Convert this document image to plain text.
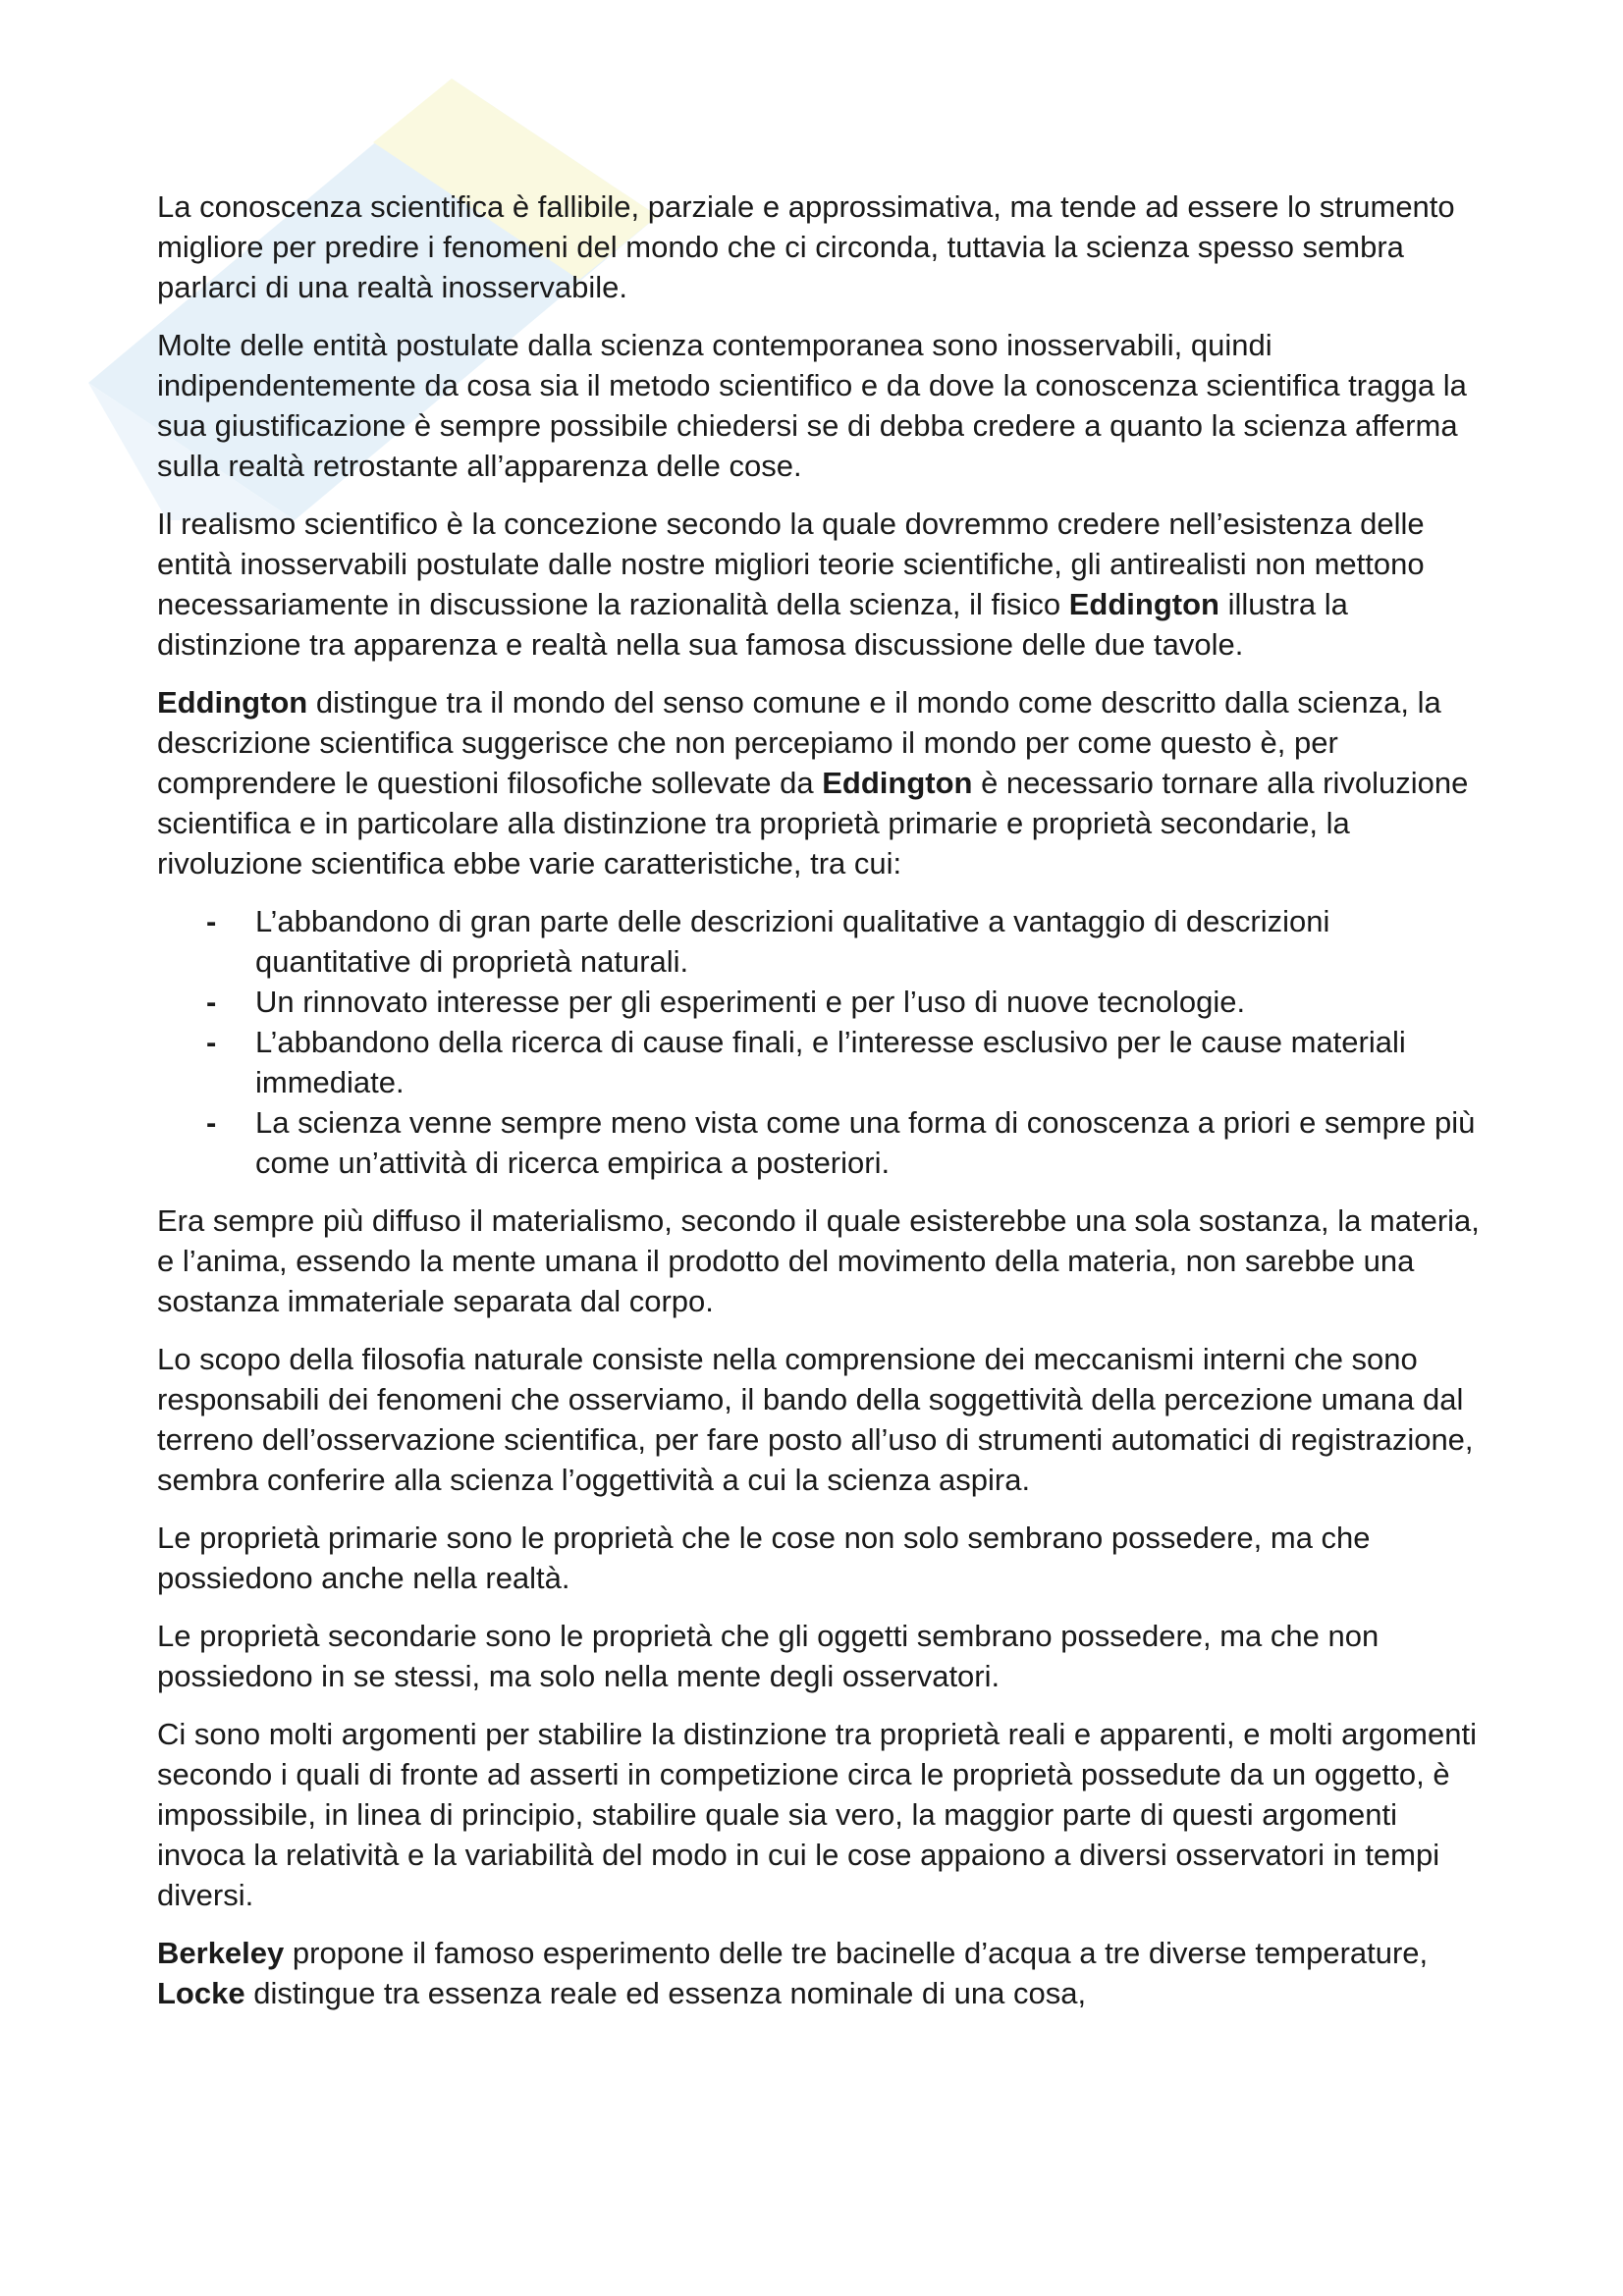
La conoscenza scientifica è fallibile, parziale e approssimativa, ma tende ad essere lo strumento migliore per predire i fenomeni del mondo che ci circonda, tuttavia la scienza spesso sembra parlarci di una realtà inosservabile.

Molte delle entità postulate dalla scienza contemporanea sono inosservabili, quindi indipendentemente da cosa sia il metodo scientifico e da dove la conoscenza scientifica tragga la sua giustificazione è sempre possibile chiedersi se di debba credere a quanto la scienza afferma sulla realtà retrostante all’apparenza delle cose.

Il realismo scientifico è la concezione secondo la quale dovremmo credere nell’esistenza delle entità inosservabili postulate dalle nostre migliori teorie scientifiche, gli antirealisti non mettono necessariamente in discussione la razionalità della scienza, il fisico Eddington illustra la distinzione tra apparenza e realtà nella sua famosa discussione delle due tavole.

Eddington distingue tra il mondo del senso comune e il mondo come descritto dalla scienza, la descrizione scientifica suggerisce che non percepiamo il mondo per come questo è, per comprendere le questioni filosofiche sollevate da Eddington è necessario tornare alla rivoluzione scientifica e in particolare alla distinzione tra proprietà primarie e proprietà secondarie, la rivoluzione scientifica ebbe varie caratteristiche, tra cui:

- L’abbandono di gran parte delle descrizioni qualitative a vantaggio di descrizioni quantitative di proprietà naturali.
- Un rinnovato interesse per gli esperimenti e per l’uso di nuove tecnologie.
- L’abbandono della ricerca di cause finali, e l’interesse esclusivo per le cause materiali immediate.
- La scienza venne sempre meno vista come una forma di conoscenza a priori e sempre più come un’attività di ricerca empirica a posteriori.

Era sempre più diffuso il materialismo, secondo il quale esisterebbe una sola sostanza, la materia, e l’anima, essendo la mente umana il prodotto del movimento della materia, non sarebbe una sostanza immateriale separata dal corpo.

Lo scopo della filosofia naturale consiste nella comprensione dei meccanismi interni che sono responsabili dei fenomeni che osserviamo, il bando della soggettività della percezione umana dal terreno dell’osservazione scientifica, per fare posto all’uso di strumenti automatici di registrazione, sembra conferire alla scienza l’oggettività a cui la scienza aspira.

Le proprietà primarie sono le proprietà che le cose non solo sembrano possedere, ma che possiedono anche nella realtà.

Le proprietà secondarie sono le proprietà che gli oggetti sembrano possedere, ma che non possiedono in se stessi, ma solo nella mente degli osservatori.

Ci sono molti argomenti per stabilire la distinzione tra proprietà reali e apparenti, e molti argomenti secondo i quali di fronte ad asserti in competizione circa le proprietà possedute da un oggetto, è impossibile, in linea di principio, stabilire quale sia vero, la maggior parte di questi argomenti invoca la relatività e la variabilità del modo in cui le cose appaiono a diversi osservatori in tempi diversi.

Berkeley propone il famoso esperimento delle tre bacinelle d’acqua a tre diverse temperature, Locke distingue tra essenza reale ed essenza nominale di una cosa,
